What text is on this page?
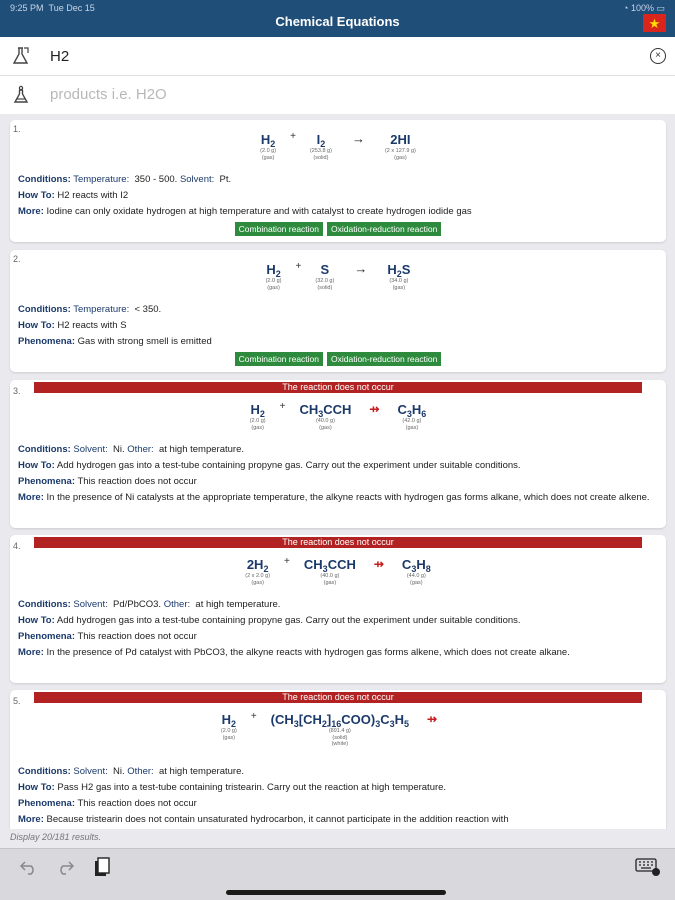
9:25 PM Tue Dec 15	◔ 100% ▭
Chemical Equations	★
H2	×
products i.e. H2O
1.
$H_2$
(2.0 g)
(gas)
+ $I_2$
(253.8 g)
(solid)
→ 2HI
(2 x 127.9 g)
(gas)
Conditions: Temperature: 350 - 500. Solvent: Pt.
How To: H2 reacts with I2
More: Iodine can only oxidate hydrogen at high temperature and with catalyst to create hydrogen iodide gas
Combination reaction	Oxidation-reduction reaction
2.
$H_2$
(2.0 g)
(gas)
+ S
(32.0 g)
(solid)
→ $H_2S$
(34.0 g)
(gas)
Conditions: Temperature: < 350.
How To: H2 reacts with S
Phenomena: Gas with strong smell is emitted
Combination reaction	Oxidation-reduction reaction
The reaction does not occur
3.
$H_2$
(2.0 g)
(gas)
+ $CH_3CCH$
(40.0 g)
(gas)
⇸ $C_3H_6$
(42.0 g)
(gas)
Conditions: Solvent: Ni. Other: at high temperature.
How To: Add hydrogen gas into a test-tube containing propyne gas. Carry out the experiment under suitable conditions.
Phenomena: This reaction does not occur
More: In the presence of Ni catalysts at the appropriate temperature, the alkyne reacts with hydrogen gas forms alkane, which does not create alkene.
The reaction does not occur
4.
$2H_2$
(2 x 2.0 g)
(gas)
+ $CH_3CCH$
(40.0 g)
(gas)
⇸ $C_3H_8$
(44.0 g)
(gas)
Conditions: Solvent: Pd/PbCO3. Other: at high temperature.
How To: Add hydrogen gas into a test-tube containing propyne gas. Carry out the experiment under suitable conditions.
Phenomena: This reaction does not occur
More: In the presence of Pd catalyst with PbCO3, the alkyne reacts with hydrogen gas forms alkene, which does not create alkane.
The reaction does not occur
5.
$H_2$
(2.0 g)
(gas)
+ $(CH_3[CH_2]_{16}COO)_3C_3H_5$
(891.4 g)
(solid)
(white)
⇸
Conditions: Solvent: Ni. Other: at high temperature.
How To: Pass H2 gas into a test-tube containing tristearin. Carry out the reaction at high temperature.
Phenomena: This reaction does not occur
More: Because tristearin does not contain unsaturated hydrocarbon, it cannot participate in the addition reaction with
Display 20/181 results.
